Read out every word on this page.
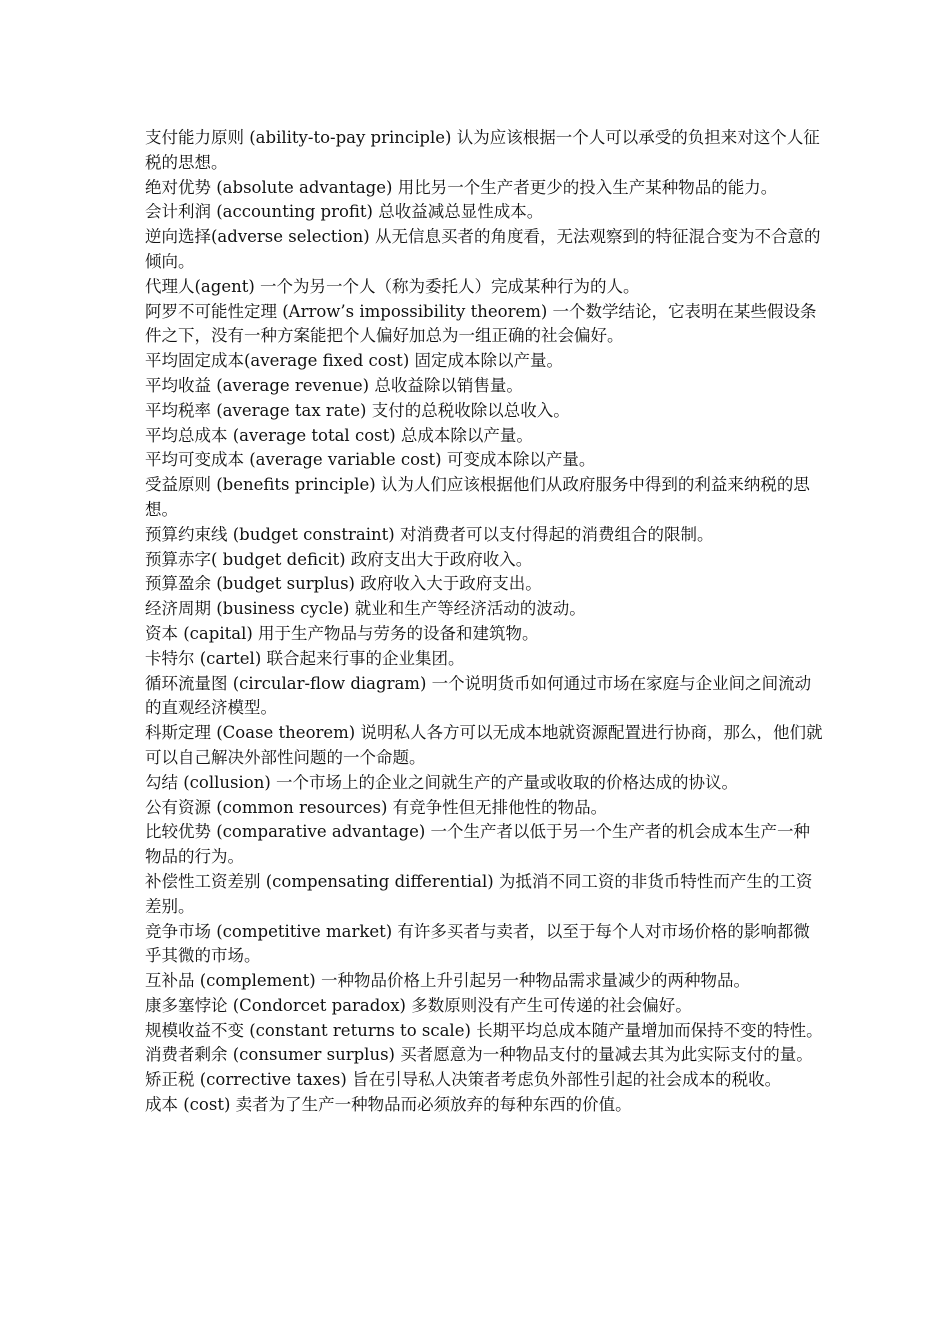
支付能力原则 (ability-to-pay principle) 认为应该根据一个人可以承受的负担来对这个人征税的思想。

绝对优势 (absolute advantage) 用比另一个生产者更少的投入生产某种物品的能力。

会计利润 (accounting profit) 总收益减总显性成本。

逆向选择(adverse selection) 从无信息买者的角度看，无法观察到的特征混合变为不合意的倾向。

代理人(agent) 一个为另一个人（称为委托人）完成某种行为的人。

阿罗不可能性定理 (Arrow’s impossibility theorem) 一个数学结论，它表明在某些假设条件之下，没有一种方案能把个人偏好加总为一组正确的社会偏好。

平均固定成本(average fixed cost) 固定成本除以产量。

平均收益 (average revenue) 总收益除以销售量。

平均税率 (average tax rate) 支付的总税收除以总收入。

平均总成本 (average total cost) 总成本除以产量。

平均可变成本 (average variable cost) 可变成本除以产量。

受益原则 (benefits principle) 认为人们应该根据他们从政府服务中得到的利益来纳税的思想。

预算约束线 (budget constraint) 对消费者可以支付得起的消费组合的限制。

预算赤字( budget deficit) 政府支出大于政府收入。

预算盈余 (budget surplus) 政府收入大于政府支出。

经济周期 (business cycle) 就业和生产等经济活动的波动。

资本 (capital) 用于生产物品与劳务的设备和建筑物。

卡特尔 (cartel) 联合起来行事的企业集团。

循环流量图 (circular-flow diagram) 一个说明货币如何通过市场在家庭与企业间之间流动的直观经济模型。

科斯定理 (Coase theorem) 说明私人各方可以无成本地就资源配置进行协商，那么，他们就可以自己解决外部性问题的一个命题。

勾结 (collusion) 一个市场上的企业之间就生产的产量或收取的价格达成的协议。

公有资源 (common resources) 有竞争性但无排他性的物品。

比较优势 (comparative advantage) 一个生产者以低于另一个生产者的机会成本生产一种物品的行为。

补偿性工资差别 (compensating differential) 为抵消不同工资的非货币特性而产生的工资差别。

竞争市场 (competitive market) 有许多买者与卖者，以至于每个人对市场价格的影响都微乎其微的市场。

互补品 (complement) 一种物品价格上升引起另一种物品需求量减少的两种物品。

康多塞悖论 (Condorcet paradox) 多数原则没有产生可传递的社会偏好。

规模收益不变 (constant returns to scale) 长期平均总成本随产量增加而保持不变的特性。

消费者剩余 (consumer surplus) 买者愿意为一种物品支付的量减去其为此实际支付的量。

矫正税 (corrective taxes) 旨在引导私人决策者考虑负外部性引起的社会成本的税收。

成本 (cost) 卖者为了生产一种物品而必须放弃的每种东西的价值。
